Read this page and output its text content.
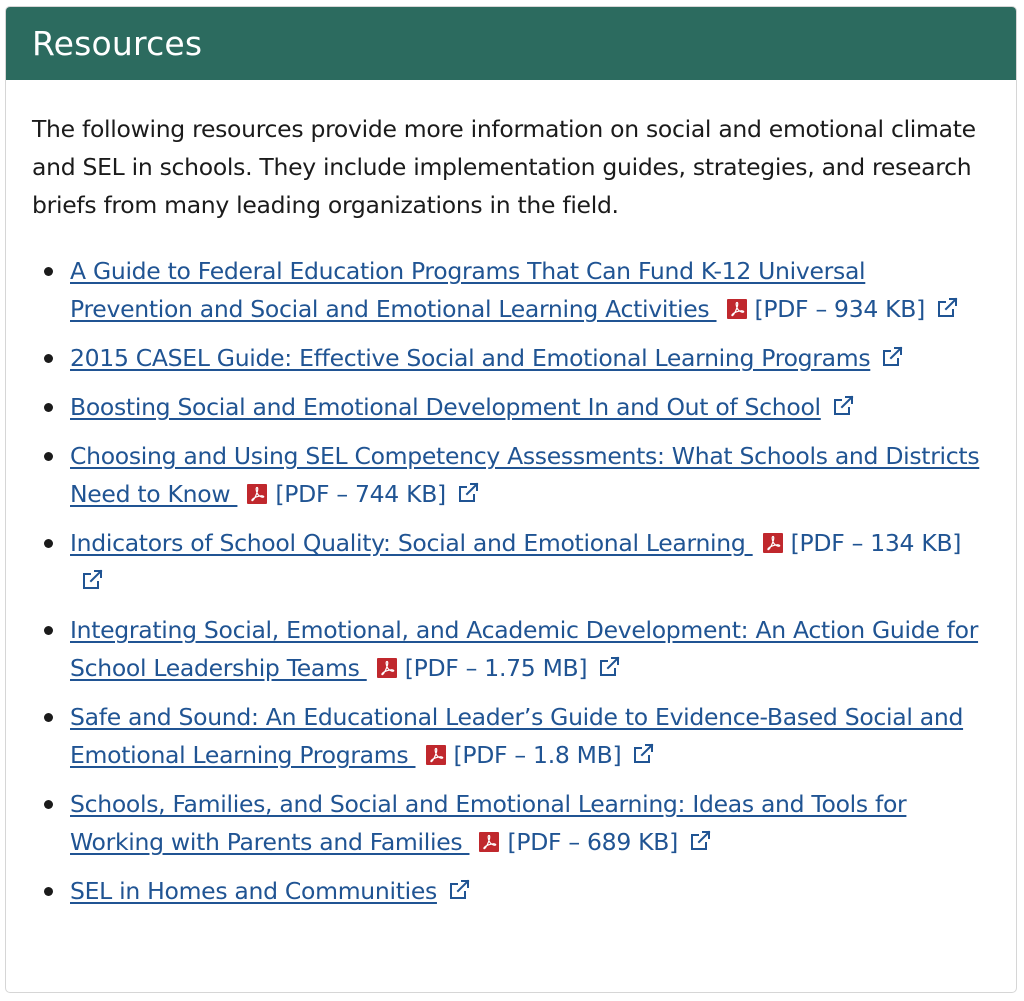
Resources

The following resources provide more information on social and emotional climate and SEL in schools. They include implementation guides, strategies, and research briefs from many leading organizations in the field.

A Guide to Federal Education Programs That Can Fund K-12 Universal Prevention and Social and Emotional Learning Activities
[PDF – 934 KB]
2015 CASEL Guide: Effective Social and Emotional Learning Programs
Boosting Social and Emotional Development In and Out of School
Choosing and Using SEL Competency Assessments: What Schools and Districts Need to Know
[PDF – 744 KB]
Indicators of School Quality: Social and Emotional Learning
[PDF – 134 KB]
Integrating Social, Emotional, and Academic Development: An Action Guide for School Leadership Teams
[PDF – 1.75 MB]
Safe and Sound: An Educational Leader’s Guide to Evidence-Based Social and Emotional Learning Programs
[PDF – 1.8 MB]
Schools, Families, and Social and Emotional Learning: Ideas and Tools for Working with Parents and Families
[PDF – 689 KB]
SEL in Homes and Communities
